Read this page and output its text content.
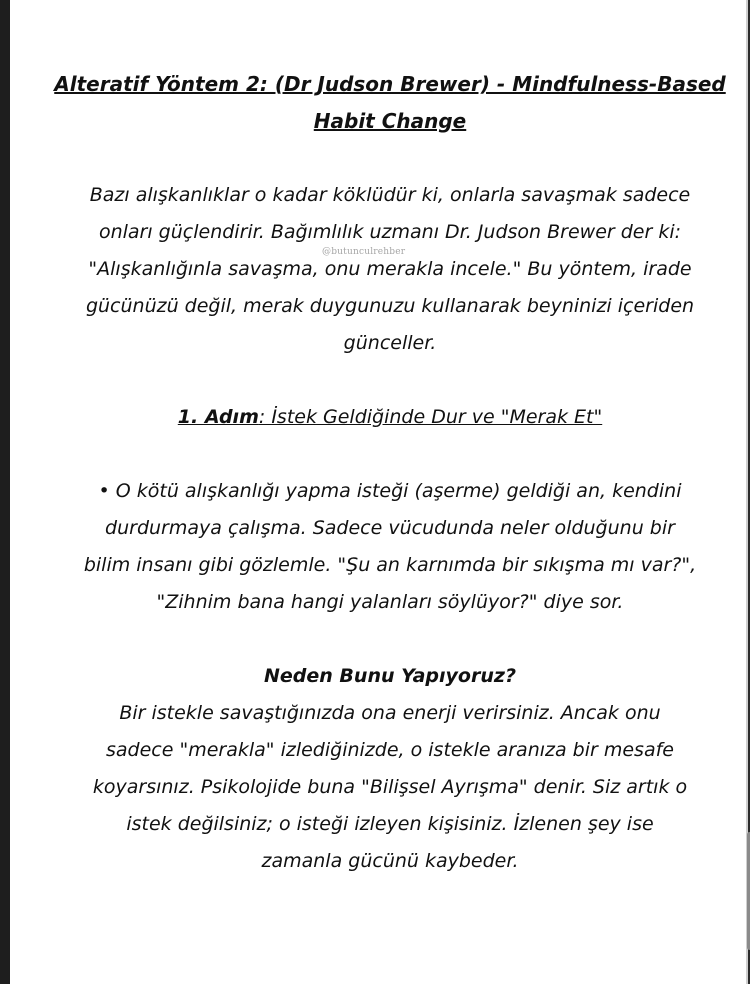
@butunculrehber
Alteratif Yöntem 2: (Dr Judson Brewer) - Mindfulness-Based
Habit Change

Bazı alışkanlıklar o kadar köklüdür ki, onlarla savaşmak sadece

onları güçlendirir. Bağımlılık uzmanı Dr. Judson Brewer der ki:

"Alışkanlığınla savaşma, onu merakla incele." Bu yöntem, irade

gücünüzü değil, merak duygunuzu kullanarak beyninizi içeriden

günceller.

1. Adım: İstek Geldiğinde Dur ve "Merak Et"

• O kötü alışkanlığı yapma isteği (aşerme) geldiği an, kendini

durdurmaya çalışma. Sadece vücudunda neler olduğunu bir

bilim insanı gibi gözlemle. "Şu an karnımda bir sıkışma mı var?",

"Zihnim bana hangi yalanları söylüyor?" diye sor.

Neden Bunu Yapıyoruz?

Bir istekle savaştığınızda ona enerji verirsiniz. Ancak onu

sadece "merakla" izlediğinizde, o istekle aranıza bir mesafe

koyarsınız. Psikolojide buna "Bilişsel Ayrışma" denir. Siz artık o

istek değilsiniz; o isteği izleyen kişisiniz. İzlenen şey ise

zamanla gücünü kaybeder.
